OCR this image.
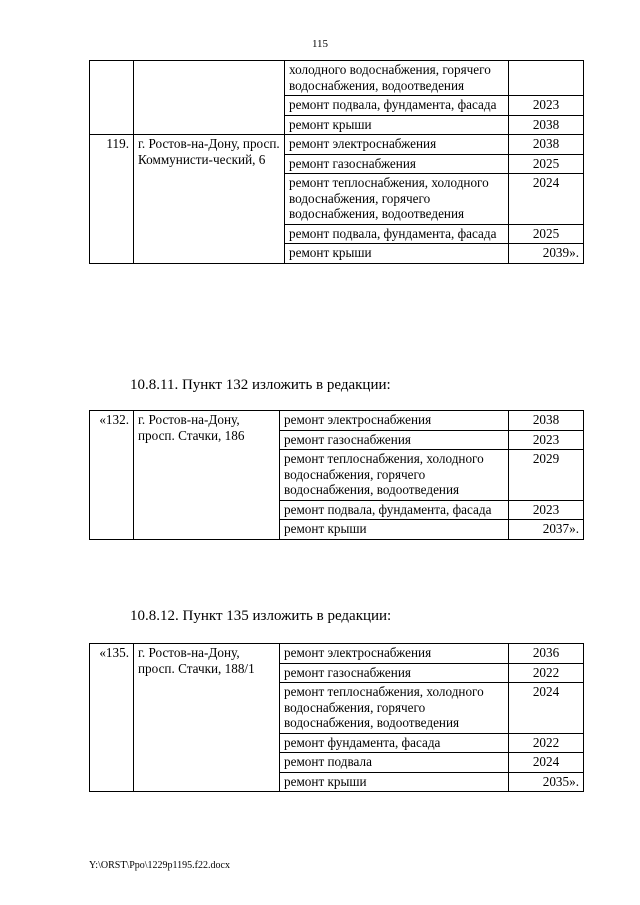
115
		холодного водоснабжения, горячего водоснабжения, водоотведения	
		ремонт подвала, фундамента, фасада	2023
		ремонт крыши	2038
119.	г. Ростов-на-Дону, просп. Коммунисти-ческий, 6	ремонт электроснабжения	2038
		ремонт газоснабжения	2025
		ремонт теплоснабжения, холодного водоснабжения, горячего водоснабжения, водоотведения	2024
		ремонт подвала, фундамента, фасада	2025
		ремонт крыши	2039».
10.8.11. Пункт 132 изложить в редакции:
«132.	г. Ростов-на-Дону, просп. Стачки, 186	ремонт электроснабжения	2038
		ремонт газоснабжения	2023
		ремонт теплоснабжения, холодного водоснабжения, горячего водоснабжения, водоотведения	2029
		ремонт подвала, фундамента, фасада	2023
		ремонт крыши	2037».
10.8.12. Пункт 135 изложить в редакции:
«135.	г. Ростов-на-Дону, просп. Стачки, 188/1	ремонт электроснабжения	2036
		ремонт газоснабжения	2022
		ремонт теплоснабжения, холодного водоснабжения, горячего водоснабжения, водоотведения	2024
		ремонт фундамента, фасада	2022
		ремонт подвала	2024
		ремонт крыши	2035».
Y:\ORST\Ppo\1229p1195.f22.docx
